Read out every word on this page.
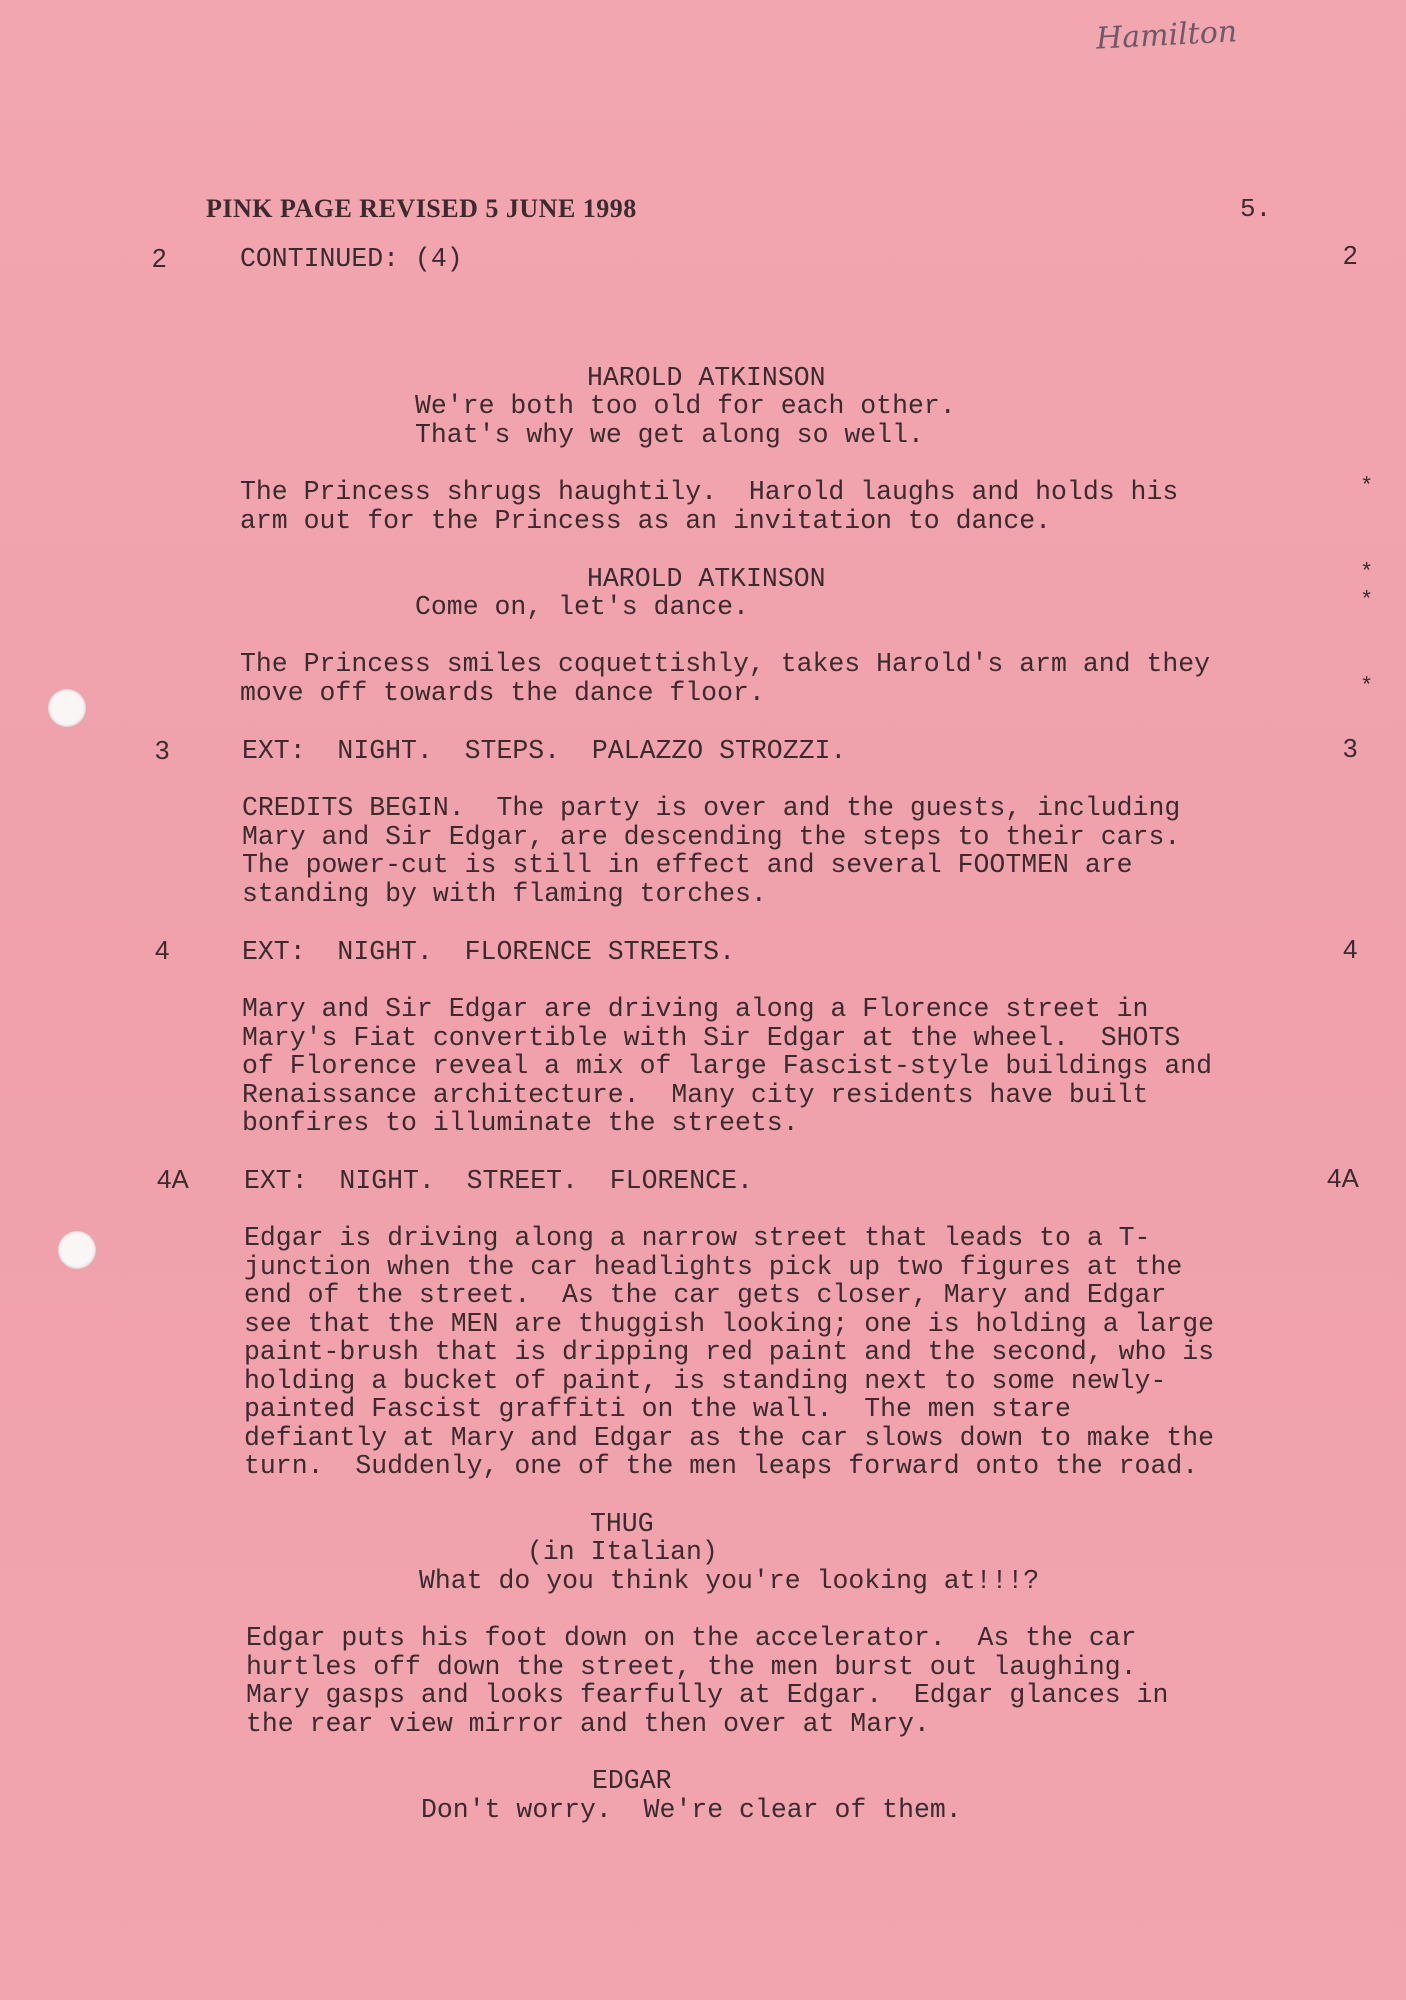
Hamilton
PINK PAGE REVISED 5 JUNE 1998	5.
2	2
CONTINUED: (4)
HAROLD ATKINSON
We're both too old for each other.
That's why we get along so well.
The Princess shrugs haughtily.  Harold laughs and holds his
arm out for the Princess as an invitation to dance.
*
HAROLD ATKINSON
Come on, let's dance.
*
*
The Princess smiles coquettishly, takes Harold's arm and they
move off towards the dance floor.	*
3	3
EXT:  NIGHT.  STEPS.  PALAZZO STROZZI.
CREDITS BEGIN.  The party is over and the guests, including
Mary and Sir Edgar, are descending the steps to their cars.
The power-cut is still in effect and several FOOTMEN are
standing by with flaming torches.
4	4
EXT:  NIGHT.  FLORENCE STREETS.
Mary and Sir Edgar are driving along a Florence street in
Mary's Fiat convertible with Sir Edgar at the wheel.  SHOTS
of Florence reveal a mix of large Fascist-style buildings and
Renaissance architecture.  Many city residents have built
bonfires to illuminate the streets.
4A	4A
EXT:  NIGHT.  STREET.  FLORENCE.
Edgar is driving along a narrow street that leads to a T-
junction when the car headlights pick up two figures at the
end of the street.  As the car gets closer, Mary and Edgar
see that the MEN are thuggish looking; one is holding a large
paint-brush that is dripping red paint and the second, who is
holding a bucket of paint, is standing next to some newly-
painted Fascist graffiti on the wall.  The men stare
defiantly at Mary and Edgar as the car slows down to make the
turn.  Suddenly, one of the men leaps forward onto the road.
THUG
(in Italian)
What do you think you're looking at!!!?
Edgar puts his foot down on the accelerator.  As the car
hurtles off down the street, the men burst out laughing.
Mary gasps and looks fearfully at Edgar.  Edgar glances in
the rear view mirror and then over at Mary.
EDGAR
Don't worry.  We're clear of them.
